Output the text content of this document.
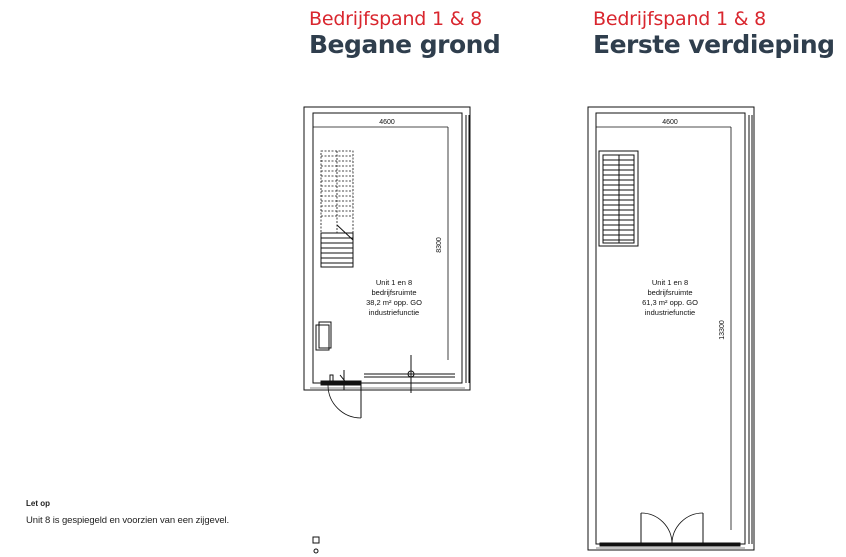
Bedrijfspand 1 & 8
Begane grond
Bedrijfspand 1 & 8
Eerste verdieping
4600
8300
Unit 1 en 8
bedrijfsruimte
38,2 m² opp. GO
industriefunctie
4600
13300
Unit 1 en 8
bedrijfsruimte
61,3 m² opp. GO
industriefunctie
Let op
Unit 8 is gespiegeld en voorzien van een zijgevel.
